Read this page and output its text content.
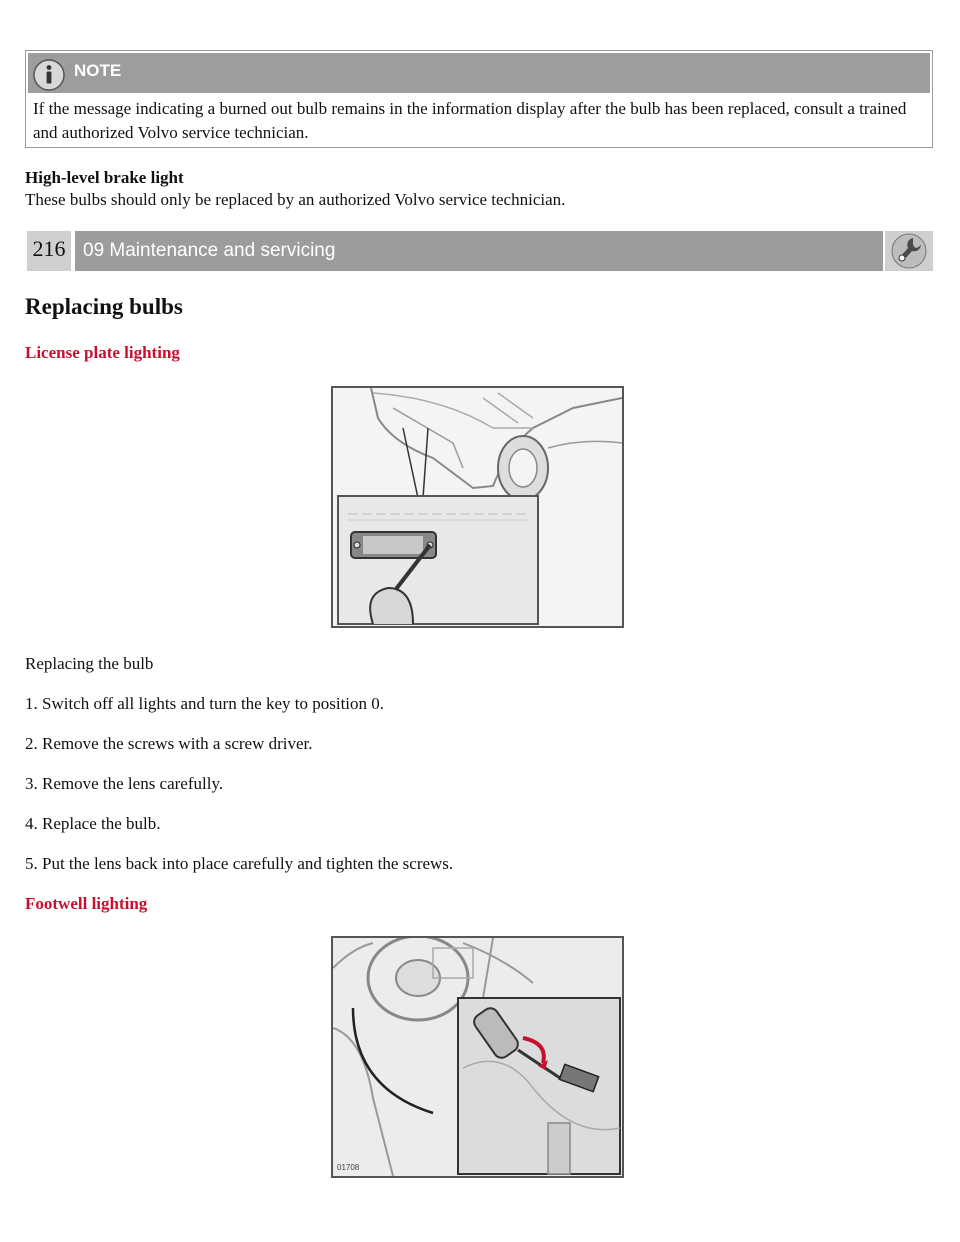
NOTE
If the message indicating a burned out bulb remains in the information display after the bulb has been replaced, consult a trained and authorized Volvo service technician.
High-level brake light
These bulbs should only be replaced by an authorized Volvo service technician.
216 09 Maintenance and servicing
Replacing bulbs
License plate lighting
Replacing the bulb
1. Switch off all lights and turn the key to position 0.
2. Remove the screws with a screw driver.
3. Remove the lens carefully.
4. Replace the bulb.
5. Put the lens back into place carefully and tighten the screws.
Footwell lighting
01708
